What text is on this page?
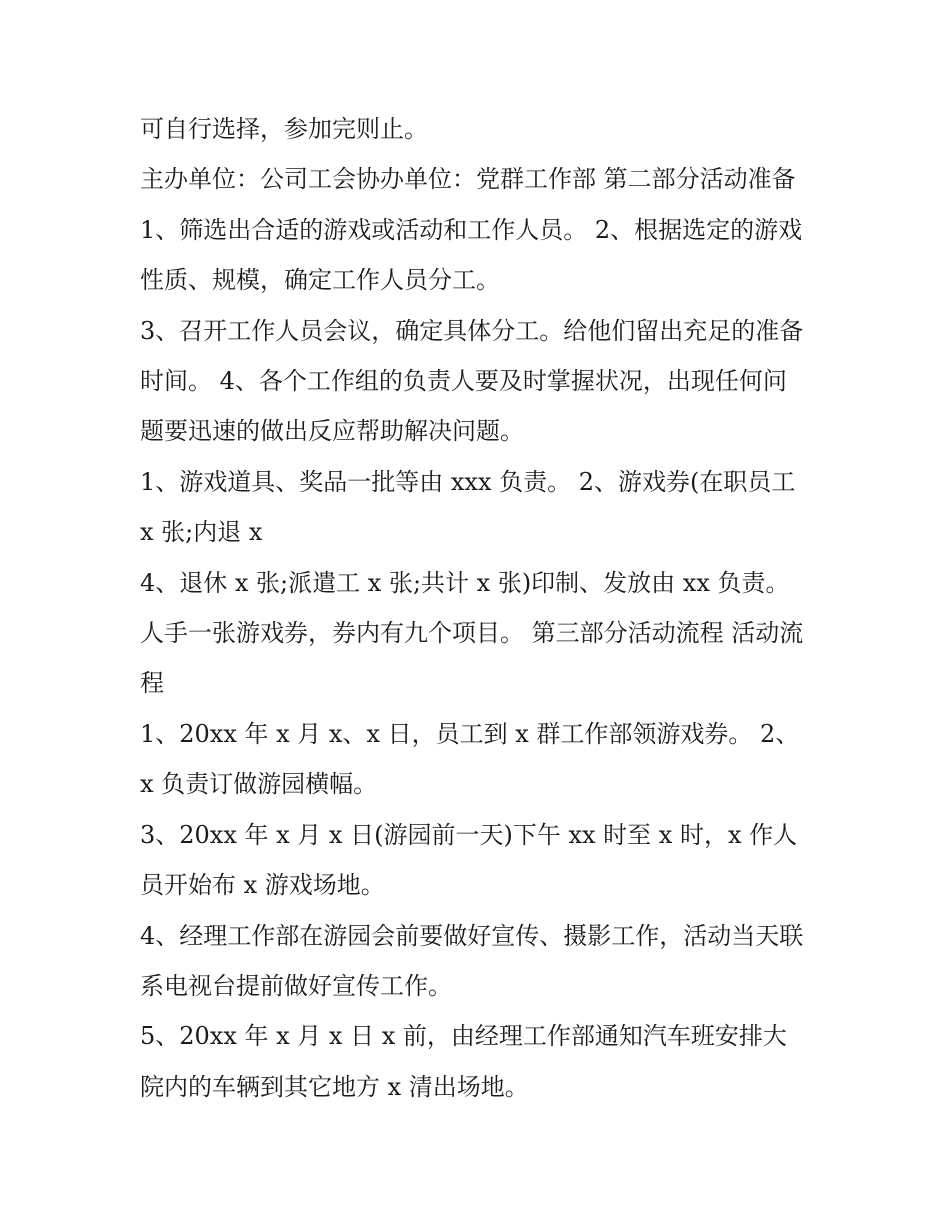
可自行选择，参加完则止。

主办单位：公司工会协办单位：党群工作部 第二部分活动准备 1、筛选出合适的游戏或活动和工作人员。 2、根据选定的游戏性质、规模，确定工作人员分工。

3、召开工作人员会议，确定具体分工。给他们留出充足的准备时间。 4、各个工作组的负责人要及时掌握状况，出现任何问题要迅速的做出反应帮助解决问题。

1、游戏道具、奖品一批等由 xxx 负责。 2、游戏券(在职员工 x 张;内退 x

4、退休 x 张;派遣工 x 张;共计 x 张)印制、发放由 xx 负责。人手一张游戏券，券内有九个项目。 第三部分活动流程 活动流程

1、20xx 年 x 月 x、x 日，员工到 x 群工作部领游戏券。 2、x 负责订做游园横幅。

3、20xx 年 x 月 x 日(游园前一天)下午 xx 时至 x 时，x 作人员开始布 x 游戏场地。

4、经理工作部在游园会前要做好宣传、摄影工作，活动当天联系电视台提前做好宣传工作。

5、20xx 年 x 月 x 日 x 前，由经理工作部通知汽车班安排大院内的车辆到其它地方 x 清出场地。
